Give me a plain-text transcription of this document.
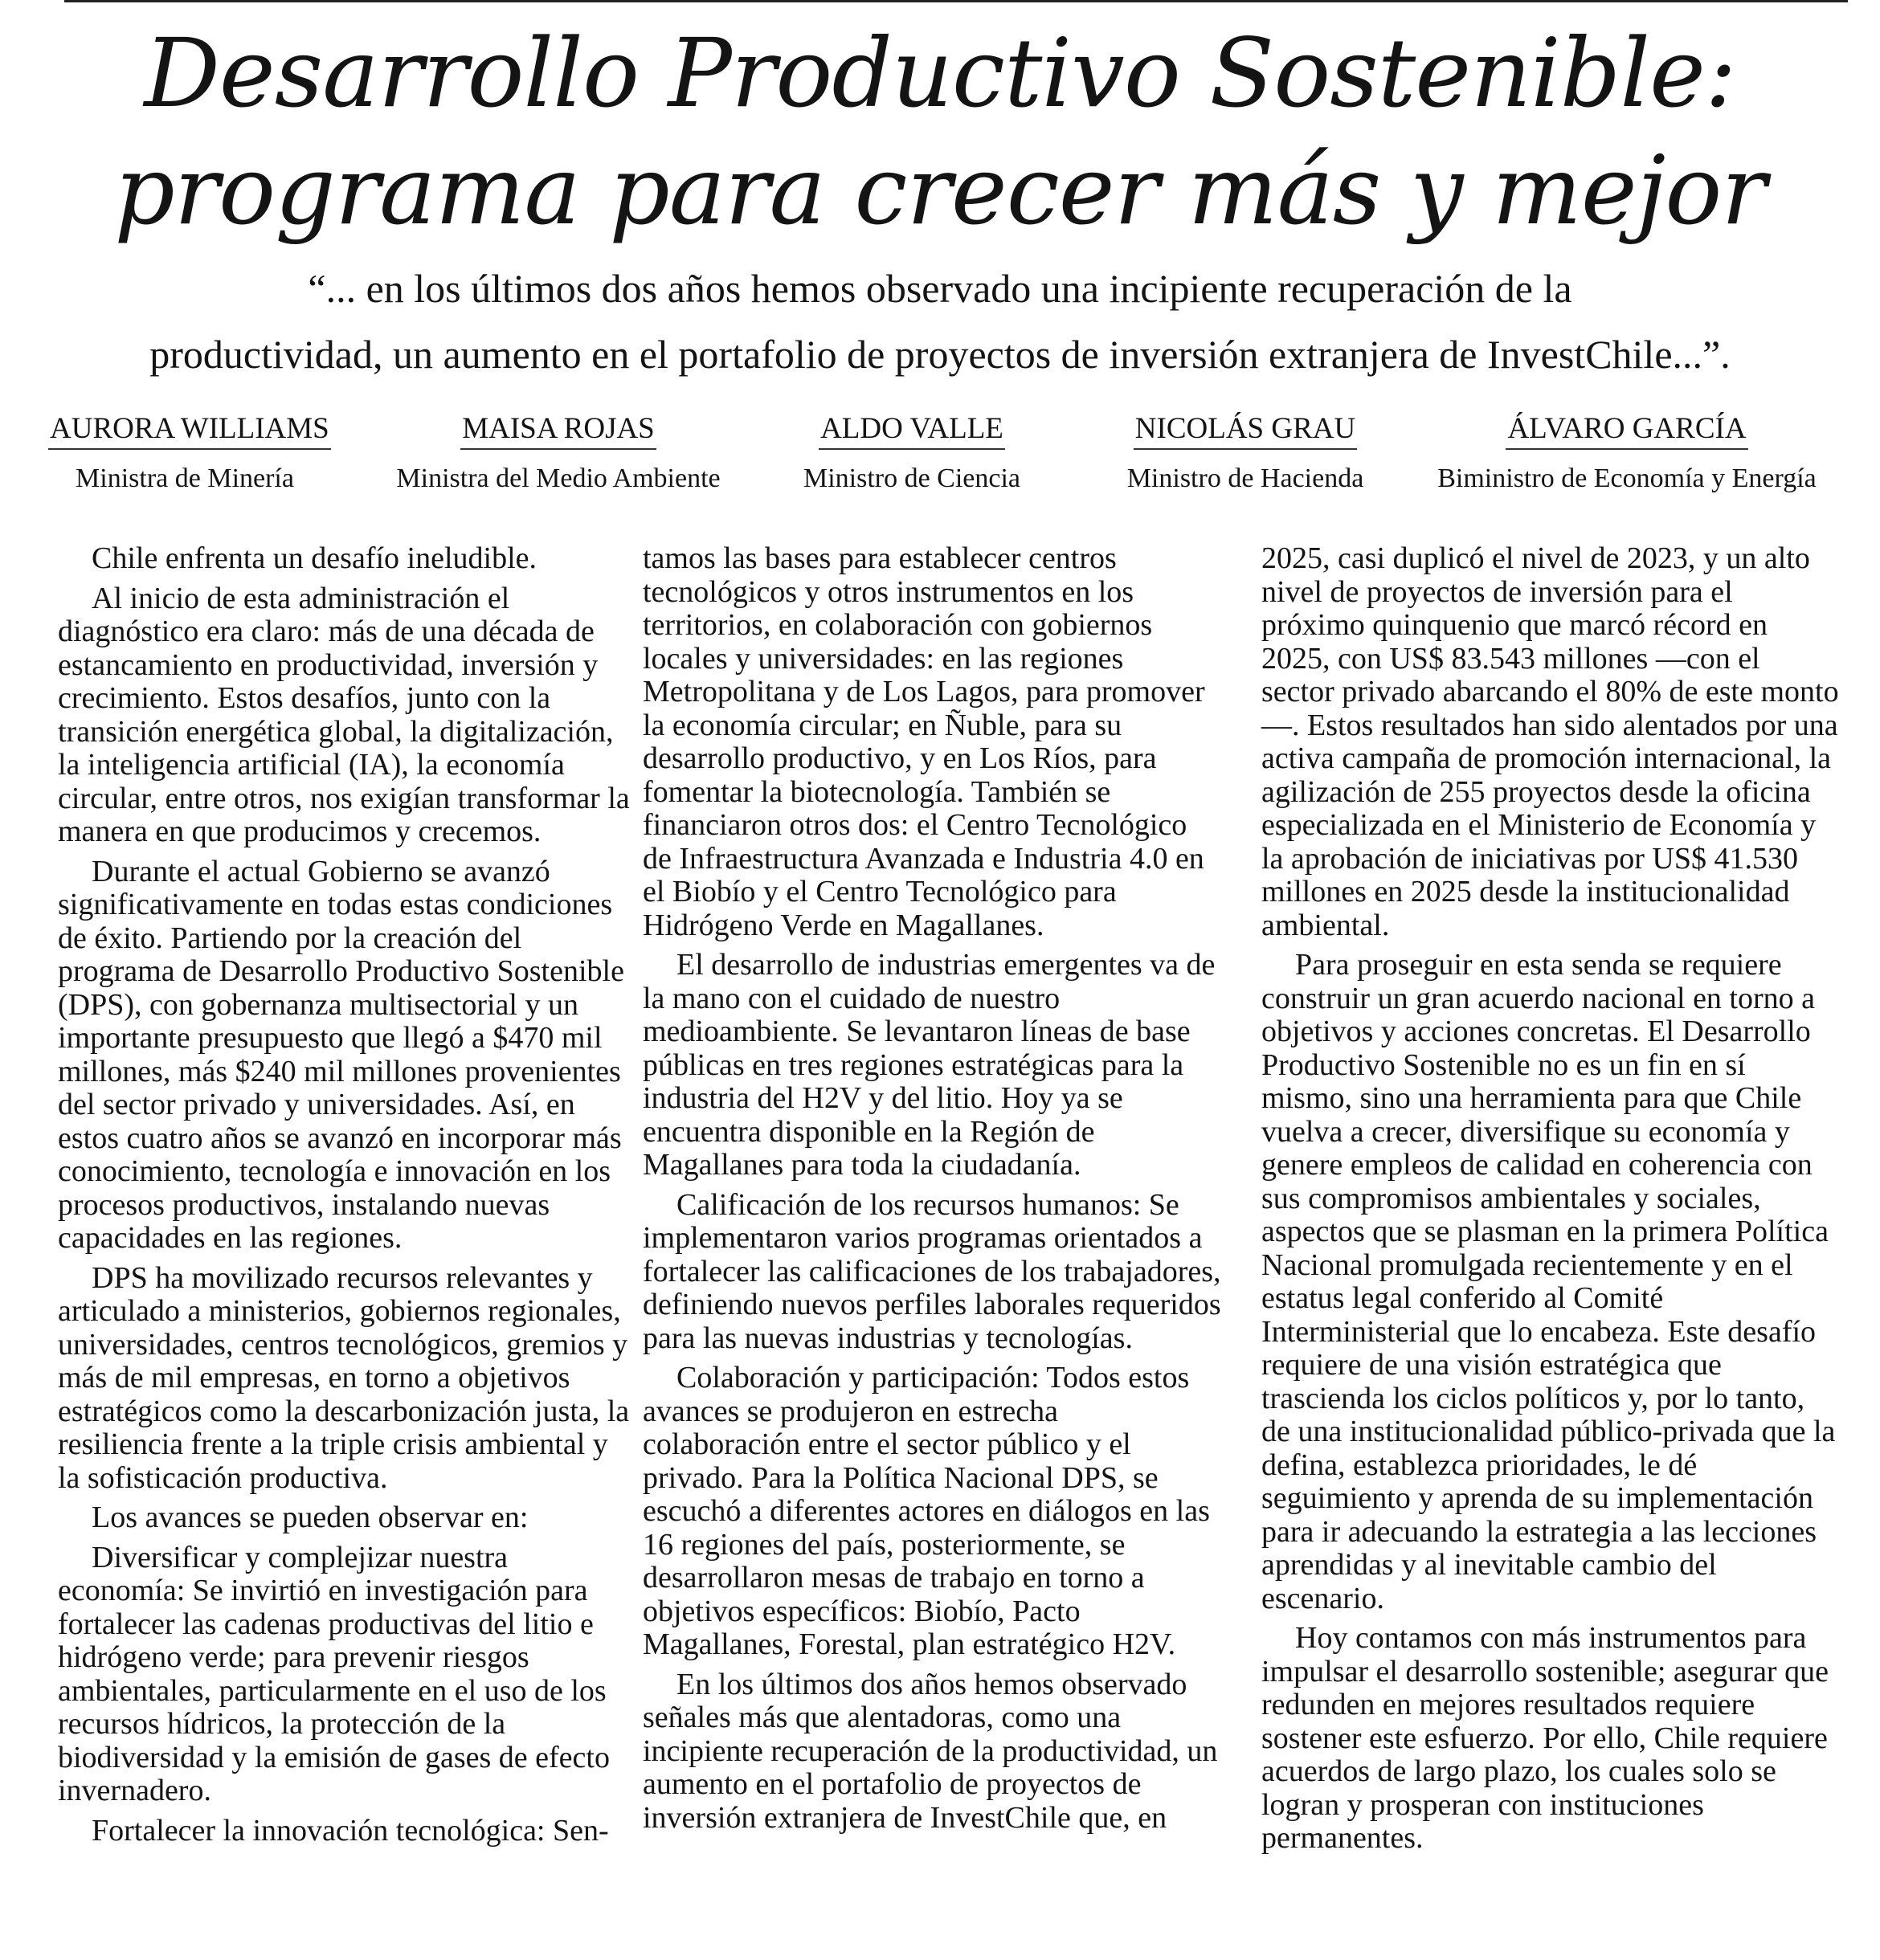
Desarrollo Productivo Sostenible:
programa para crecer más y mejor
“... en los últimos dos años hemos observado una incipiente recuperación de la
productividad, un aumento en el portafolio de proyectos de inversión extranjera de InvestChile...”.
AURORA WILLIAMS
Ministra de Minería
MAISA ROJAS
Ministra del Medio Ambiente
ALDO VALLE
Ministro de Ciencia
NICOLÁS GRAU
Ministro de Hacienda
ÁLVARO GARCÍA
Biministro de Economía y Energía

Chile enfrenta un desafío ineludible.

Al inicio de esta administración el diagnóstico era claro: más de una década de estancamiento en productividad, inversión y crecimiento. Estos desafíos, junto con la transición energética global, la digitalización, la inteligencia artificial (IA), la economía circular, entre otros, nos exigían transformar la manera en que producimos y crecemos.

Durante el actual Gobierno se avanzó significativamente en todas estas condiciones de éxito. Partiendo por la creación del programa de Desarrollo Productivo Sostenible (DPS), con gobernanza multisectorial y un importante presupuesto que llegó a $470 mil millones, más $240 mil millones provenientes del sector privado y universidades. Así, en estos cuatro años se avanzó en incorporar más conocimiento, tecnología e innovación en los procesos productivos, instalando nuevas capacidades en las regiones.

DPS ha movilizado recursos relevantes y articulado a ministerios, gobiernos regionales, universidades, centros tecnológicos, gremios y más de mil empresas, en torno a objetivos estratégicos como la descarbonización justa, la resiliencia frente a la triple crisis ambiental y la sofisticación productiva.

Los avances se pueden observar en:

Diversificar y complejizar nuestra economía: Se invirtió en investigación para fortalecer las cadenas productivas del litio e hidrógeno verde; para prevenir riesgos ambientales, particularmente en el uso de los recursos hídricos, la protección de la biodiversidad y la emisión de gases de efecto invernadero.

Fortalecer la innovación tecnológica: Sen-

tamos las bases para establecer centros tecnológicos y otros instrumentos en los territorios, en colaboración con gobiernos locales y universidades: en las regiones Metropolitana y de Los Lagos, para promover la economía circular; en Ñuble, para su desarrollo productivo, y en Los Ríos, para fomentar la biotecnología. También se financiaron otros dos: el Centro Tecnológico de Infraestructura Avanzada e Industria 4.0 en el Biobío y el Centro Tecnológico para Hidrógeno Verde en Magallanes.

El desarrollo de industrias emergentes va de la mano con el cuidado de nuestro medioambiente. Se levantaron líneas de base públicas en tres regiones estratégicas para la industria del H2V y del litio. Hoy ya se encuentra disponible en la Región de Magallanes para toda la ciudadanía.

Calificación de los recursos humanos: Se implementaron varios programas orientados a fortalecer las calificaciones de los trabajadores, definiendo nuevos perfiles laborales requeridos para las nuevas industrias y tecnologías.

Colaboración y participación: Todos estos avances se produjeron en estrecha colaboración entre el sector público y el privado. Para la Política Nacional DPS, se escuchó a diferentes actores en diálogos en las 16 regiones del país, posteriormente, se desarrollaron mesas de trabajo en torno a objetivos específicos: Biobío, Pacto Magallanes, Forestal, plan estratégico H2V.

En los últimos dos años hemos observado señales más que alentadoras, como una incipiente recuperación de la productividad, un aumento en el portafolio de proyectos de inversión extranjera de InvestChile que, en

2025, casi duplicó el nivel de 2023, y un alto nivel de proyectos de inversión para el próximo quinquenio que marcó récord en 2025, con US$ 83.543 millones —con el sector privado abarcando el 80% de este monto—. Estos resultados han sido alentados por una activa campaña de promoción internacional, la agilización de 255 proyectos desde la oficina especializada en el Ministerio de Economía y la aprobación de iniciativas por US$ 41.530 millones en 2025 desde la institucionalidad ambiental.

Para proseguir en esta senda se requiere construir un gran acuerdo nacional en torno a objetivos y acciones concretas. El Desarrollo Productivo Sostenible no es un fin en sí mismo, sino una herramienta para que Chile vuelva a crecer, diversifique su economía y genere empleos de calidad en coherencia con sus compromisos ambientales y sociales, aspectos que se plasman en la primera Política Nacional promulgada recientemente y en el estatus legal conferido al Comité Interministerial que lo encabeza. Este desafío requiere de una visión estratégica que trascienda los ciclos políticos y, por lo tanto, de una institucionalidad público-privada que la defina, establezca prioridades, le dé seguimiento y aprenda de su implementación para ir adecuando la estrategia a las lecciones aprendidas y al inevitable cambio del escenario.

Hoy contamos con más instrumentos para impulsar el desarrollo sostenible; asegurar que redunden en mejores resultados requiere sostener este esfuerzo. Por ello, Chile requiere acuerdos de largo plazo, los cuales solo se logran y prosperan con instituciones permanentes.
